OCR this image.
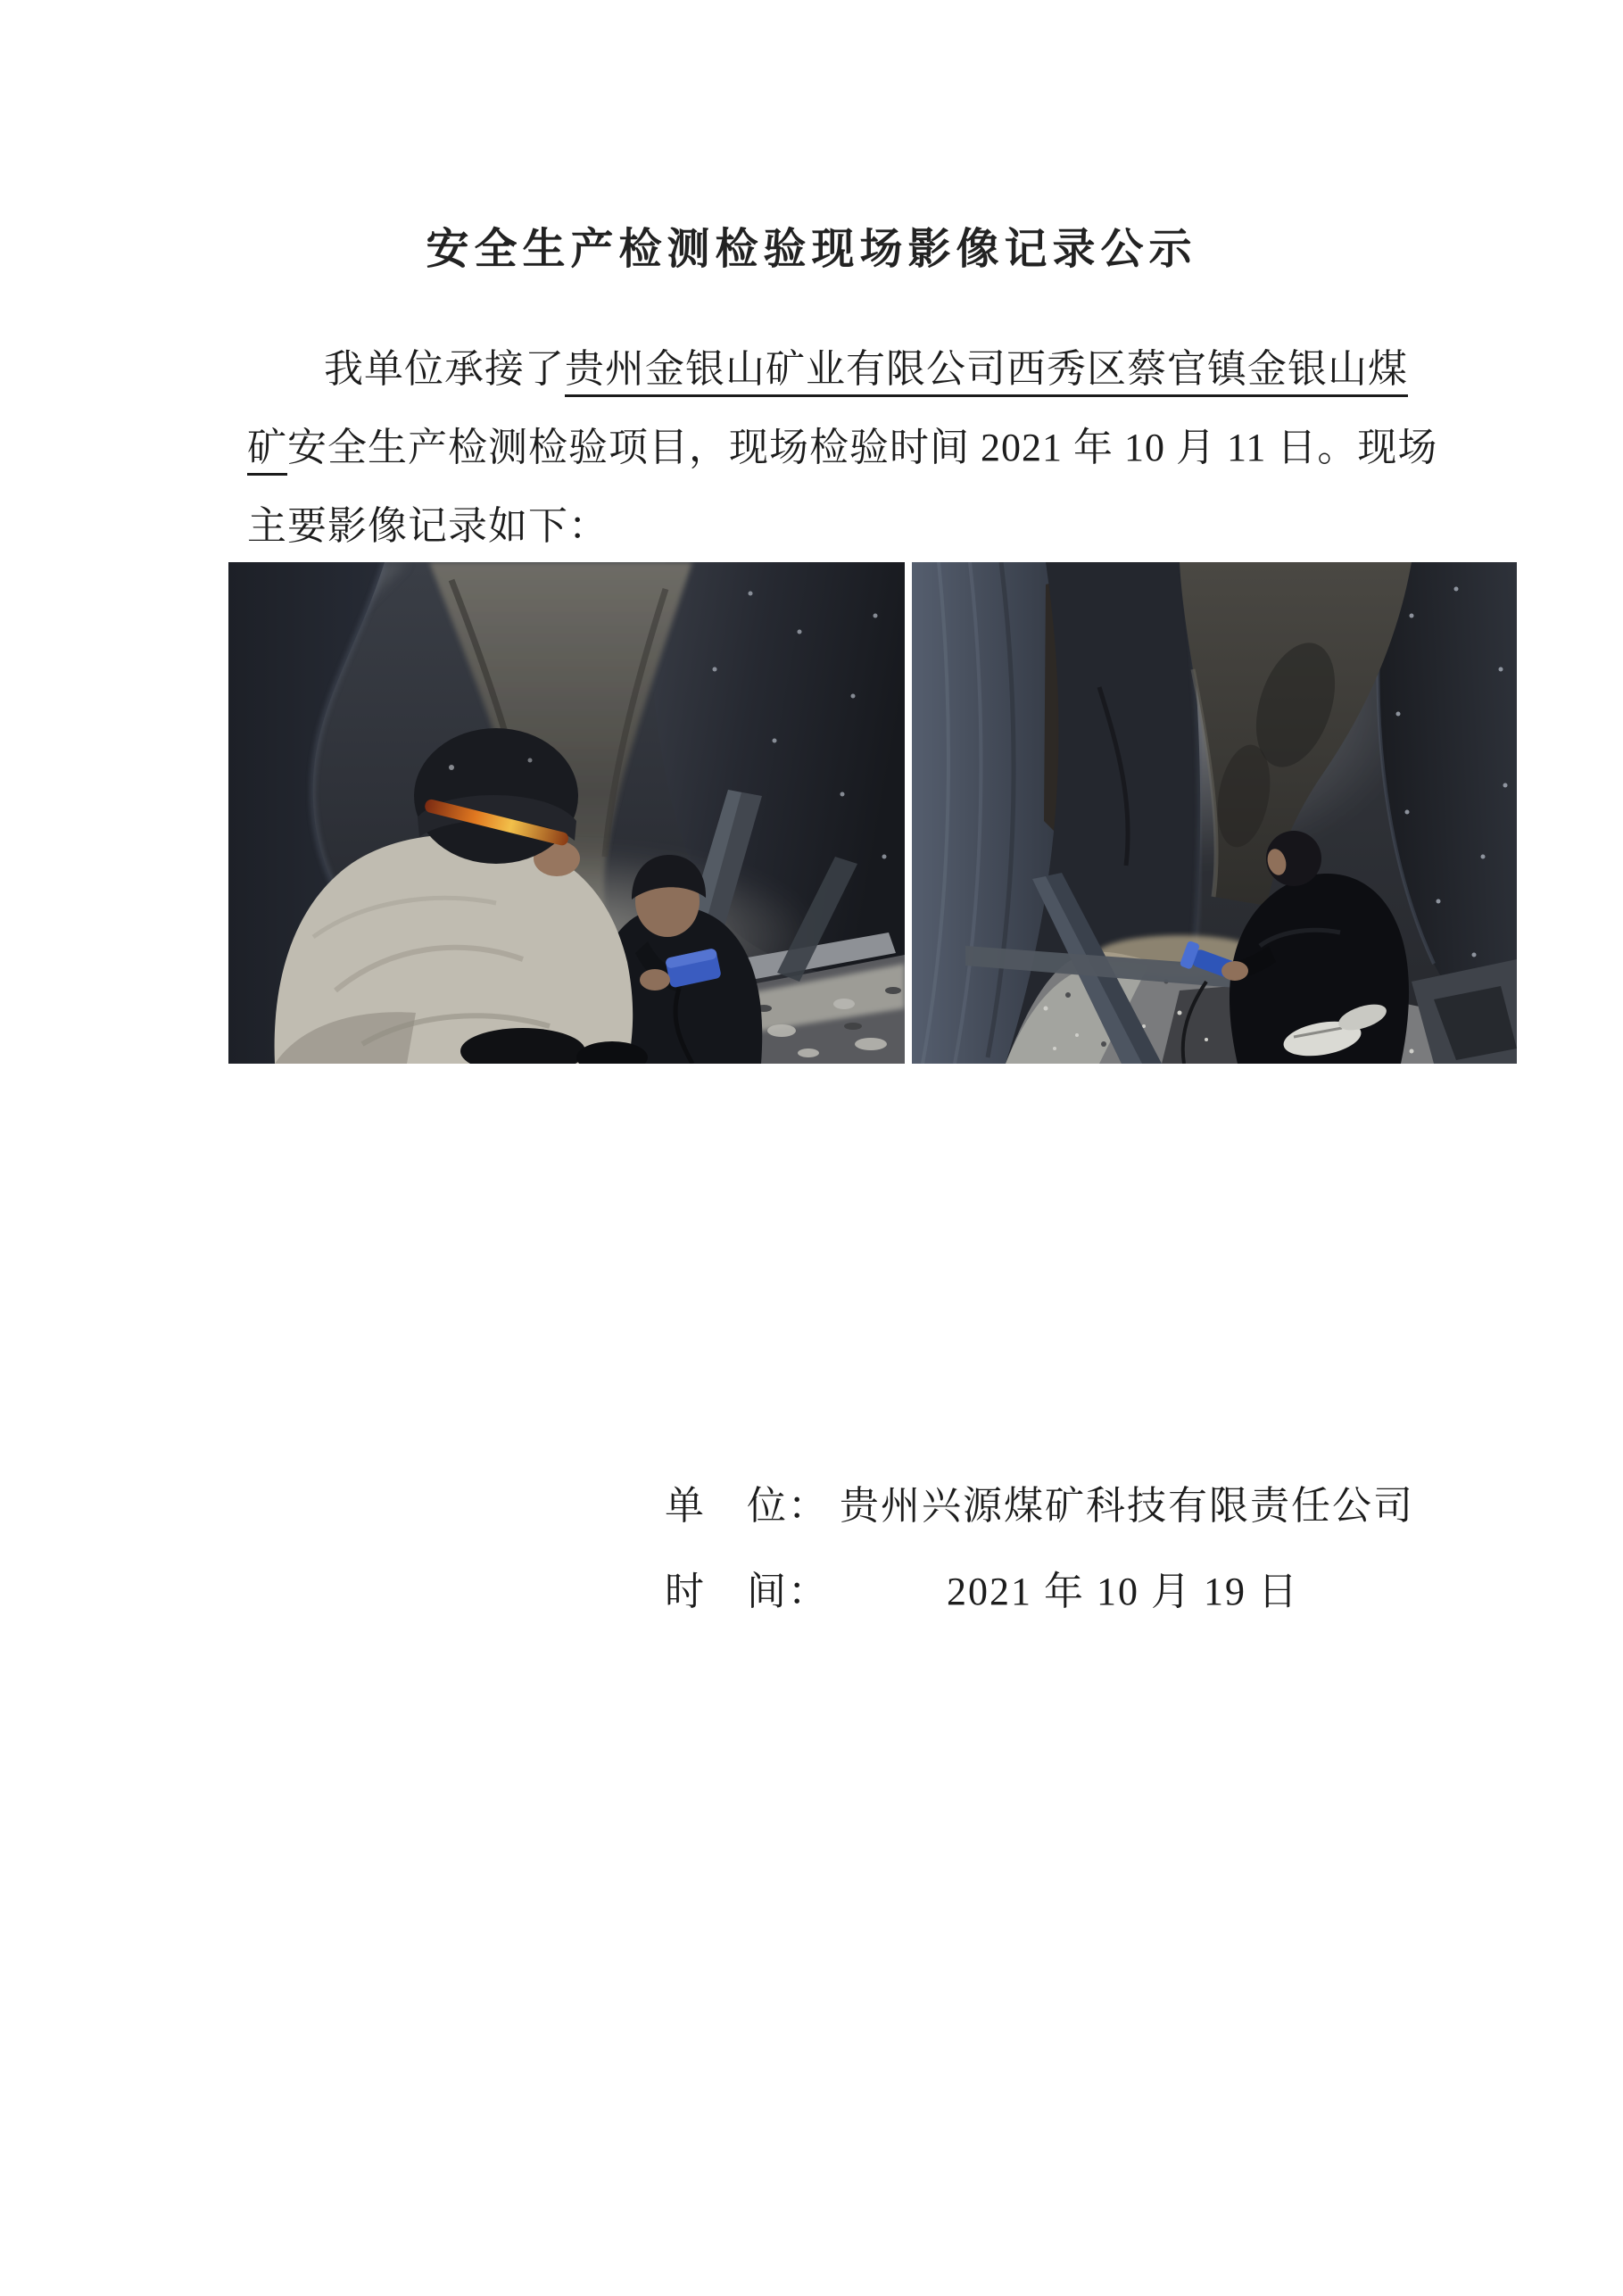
安全生产检测检验现场影像记录公示
我单位承接了贵州金银山矿业有限公司西秀区蔡官镇金银山煤
矿安全生产检测检验项目，现场检验时间 2021 年 10 月 11 日。现场
主要影像记录如下：
单　位： 贵州兴源煤矿科技有限责任公司
时　间：	2021 年 10 月 19 日
